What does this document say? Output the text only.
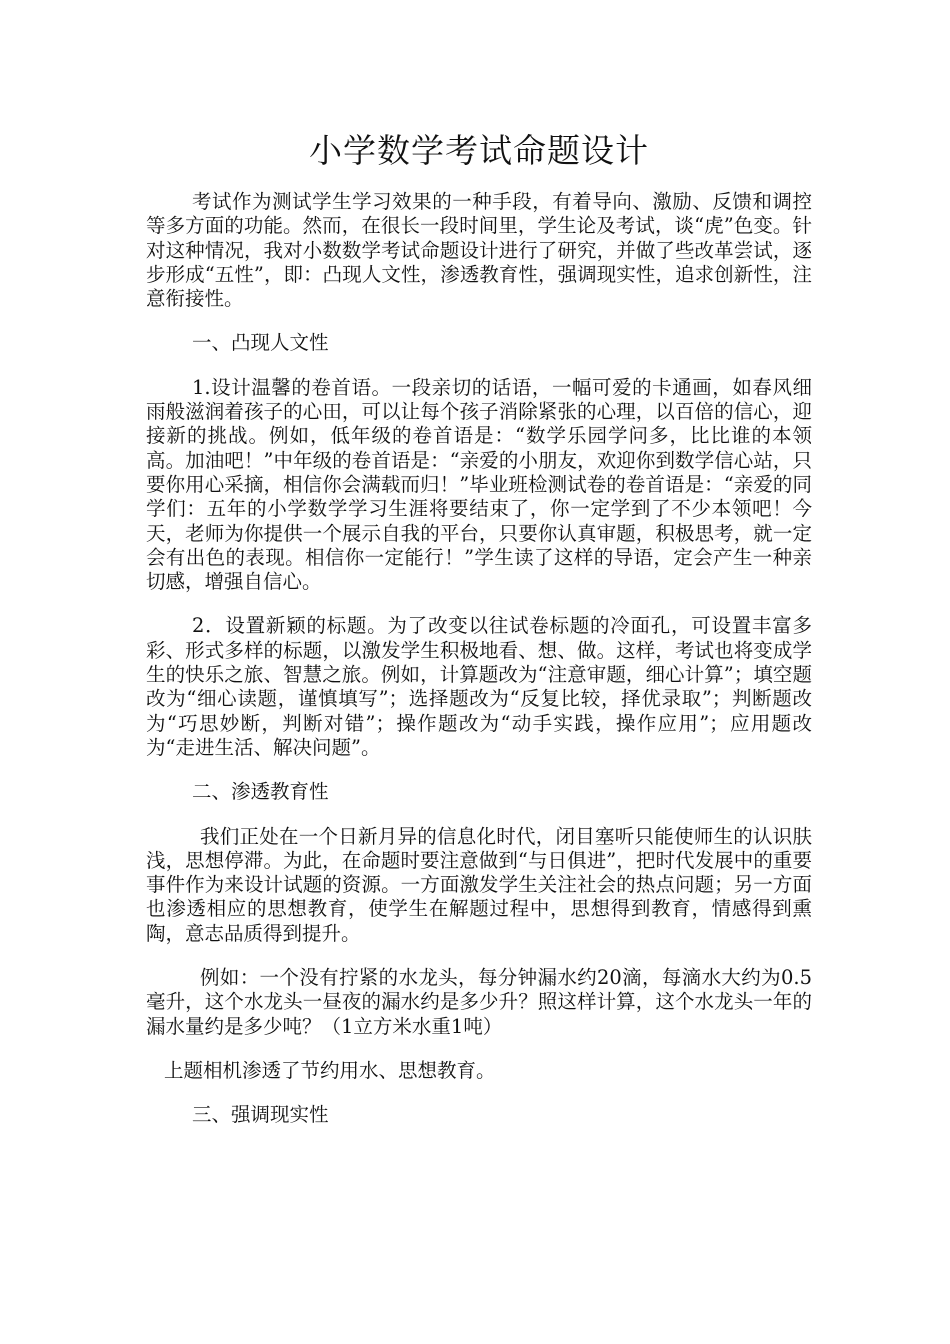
小学数学考试命题设计

考试作为测试学生学习效果的一种手段，有着导向、激励、反馈和调控等多方面的功能。然而，在很长一段时间里，学生论及考试，谈“虎”色变。针对这种情况，我对小数数学考试命题设计进行了研究，并做了些改革尝试，逐步形成“五性”，即：凸现人文性，渗透教育性，强调现实性，追求创新性，注意衔接性。

一、凸现人文性

1.设计温馨的卷首语。一段亲切的话语，一幅可爱的卡通画，如春风细雨般滋润着孩子的心田，可以让每个孩子消除紧张的心理，以百倍的信心，迎接新的挑战。例如，低年级的卷首语是：“数学乐园学问多，比比谁的本领高。加油吧！”中年级的卷首语是：“亲爱的小朋友，欢迎你到数学信心站，只要你用心采摘，相信你会满载而归！”毕业班检测试卷的卷首语是：“亲爱的同学们：五年的小学数学学习生涯将要结束了，你一定学到了不少本领吧！今天，老师为你提供一个展示自我的平台，只要你认真审题，积极思考，就一定会有出色的表现。相信你一定能行！”学生读了这样的导语，定会产生一种亲切感，增强自信心。

2．设置新颖的标题。为了改变以往试卷标题的冷面孔，可设置丰富多彩、形式多样的标题，以激发学生积极地看、想、做。这样，考试也将变成学生的快乐之旅、智慧之旅。例如，计算题改为“注意审题，细心计算”；填空题改为“细心读题，谨慎填写”；选择题改为“反复比较，择优录取”；判断题改为“巧思妙断，判断对错”；操作题改为“动手实践，操作应用”；应用题改为“走进生活、解决问题”。

二、渗透教育性

我们正处在一个日新月异的信息化时代，闭目塞听只能使师生的认识肤浅，思想停滞。为此，在命题时要注意做到“与日俱进”，把时代发展中的重要事件作为来设计试题的资源。一方面激发学生关注社会的热点问题；另一方面也渗透相应的思想教育，使学生在解题过程中，思想得到教育，情感得到熏陶，意志品质得到提升。

例如：一个没有拧紧的水龙头，每分钟漏水约20滴，每滴水大约为0.5毫升，这个水龙头一昼夜的漏水约是多少升？照这样计算，这个水龙头一年的漏水量约是多少吨？（1立方米水重1吨）

上题相机渗透了节约用水、思想教育。

三、强调现实性
